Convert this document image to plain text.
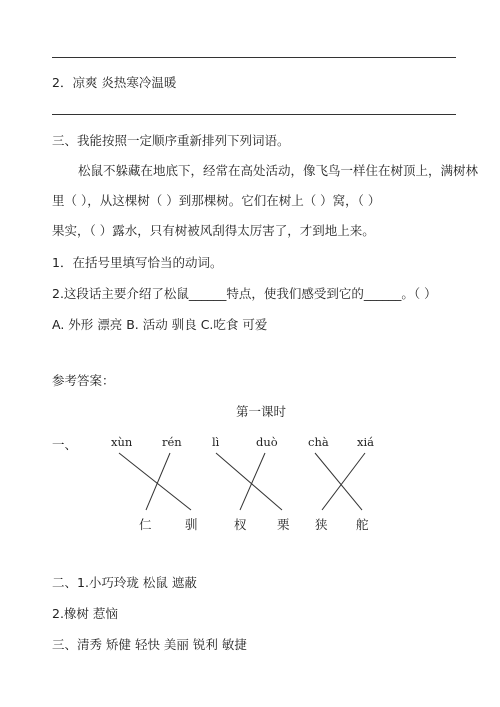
2．凉爽 炎热寒冷温暖
三、我能按照一定顺序重新排列下列词语。
松鼠不躲藏在地底下，经常在高处活动，像飞鸟一样住在树顶上，满树林
里（ ），从这棵树（ ）到那棵树。它们在树上（ ）窝，（ ）
果实，（ ）露水，只有树被风刮得太厉害了，才到地上来。
1．在括号里填写恰当的动词。
2.这段话主要介绍了松鼠______特点，使我们感受到它的______。（ ）
A. 外形 漂亮 B. 活动 驯良 C.吃食 可爱
参考答案：
第一课时
一、	xùn	rén	lì	duò	chà xiá
仁	驯	杈 栗 狭 舵
二、1.小巧玲珑 松鼠 遮蔽
2.橡树 惹恼
三、清秀 矫健 轻快 美丽 锐利 敏捷
